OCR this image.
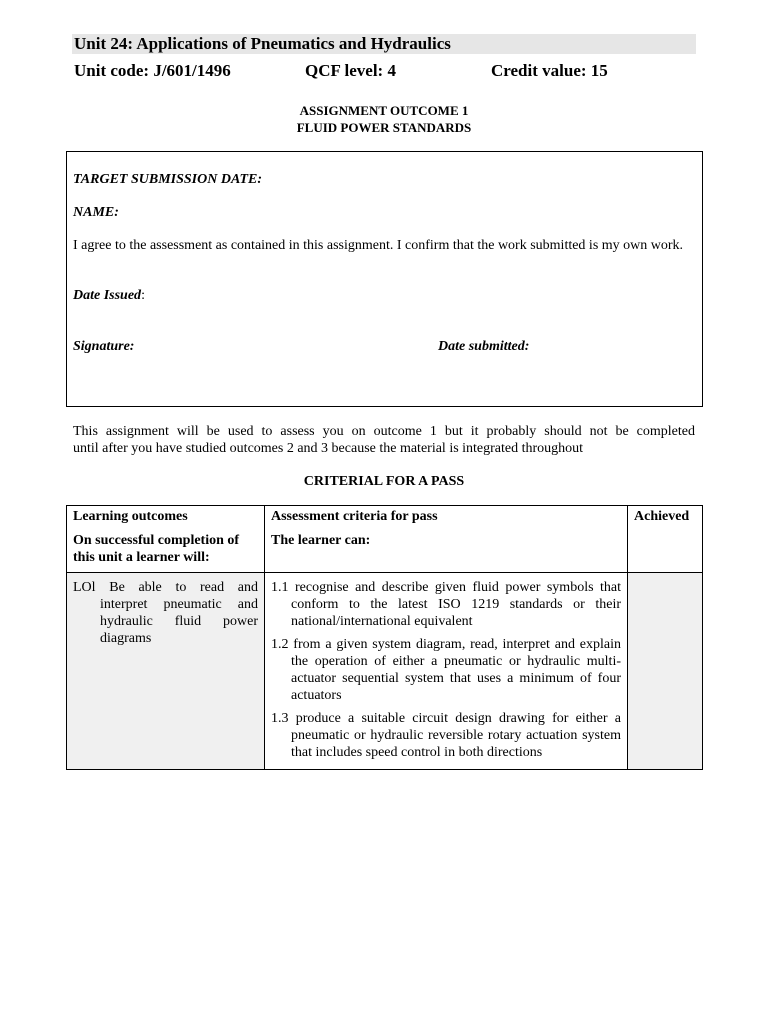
Unit 24: Applications of Pneumatics and Hydraulics
Unit code: J/601/1496	QCF level: 4	Credit value: 15
ASSIGNMENT OUTCOME 1
FLUID POWER STANDARDS
TARGET SUBMISSION DATE:
NAME:
I agree to the assessment as contained in this assignment. I confirm that the work submitted is my own work.
Date Issued:
Signature:	Date submitted:
This assignment will be used to assess you on outcome 1 but it probably should not be completed
until after you have studied outcomes 2 and 3 because the material is integrated throughout
CRITERIAL FOR A PASS
Learning outcomes	Assessment criteria for pass	Achieved
On successful completion of this unit a learner will:	The learner can:	

LOl Be able to read and interpret pneumatic and hydraulic fluid power diagrams	1.1 recognise and describe given fluid power symbols that conform to the latest ISO 1219 standards or their national/international equivalent
1.2 from a given system diagram, read, interpret and explain the operation of either a pneumatic or hydraulic multi-actuator sequential system that uses a minimum of four actuators
1.3 produce a suitable circuit design drawing for either a pneumatic or hydraulic reversible rotary actuation system that includes speed control in both directions	
